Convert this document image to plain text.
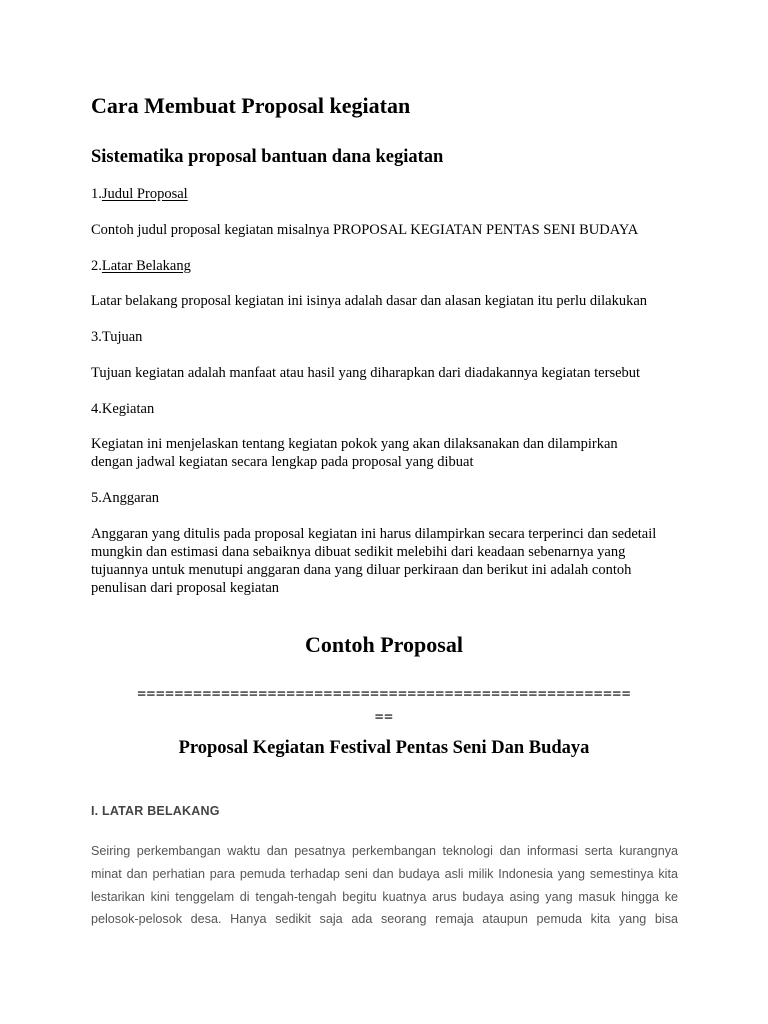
Cara Membuat Proposal kegiatan
Sistematika proposal bantuan dana kegiatan
1.Judul Proposal

Contoh judul proposal kegiatan misalnya PROPOSAL KEGIATAN PENTAS SENI BUDAYA

2.Latar Belakang

Latar belakang proposal kegiatan ini isinya adalah dasar dan alasan kegiatan itu perlu dilakukan

3.Tujuan

Tujuan kegiatan adalah manfaat atau hasil yang diharapkan dari diadakannya kegiatan tersebut

4.Kegiatan

Kegiatan ini menjelaskan tentang kegiatan pokok yang akan dilaksanakan dan dilampirkan

dengan jadwal kegiatan secara lengkap pada proposal yang dibuat

5.Anggaran

Anggaran yang ditulis pada proposal kegiatan ini harus dilampirkan secara terperinci dan sedetail

mungkin dan estimasi dana sebaiknya dibuat sedikit melebihi dari keadaan sebenarnya yang

tujuannya untuk menutupi anggaran dana yang diluar perkiraan dan berikut ini adalah contoh

penulisan dari proposal kegiatan

Contoh Proposal
=====================================================
==
Proposal Kegiatan Festival Pentas Seni Dan Budaya
I. LATAR BELAKANG
Seiring perkembangan waktu dan pesatnya perkembangan teknologi dan informasi serta kurangnya
minat dan perhatian para pemuda terhadap seni dan budaya asli milik Indonesia yang semestinya kita
lestarikan kini tenggelam di tengah-tengah begitu kuatnya arus budaya asing yang masuk hingga ke
pelosok-pelosok desa. Hanya sedikit saja ada seorang remaja ataupun pemuda kita yang bisa
